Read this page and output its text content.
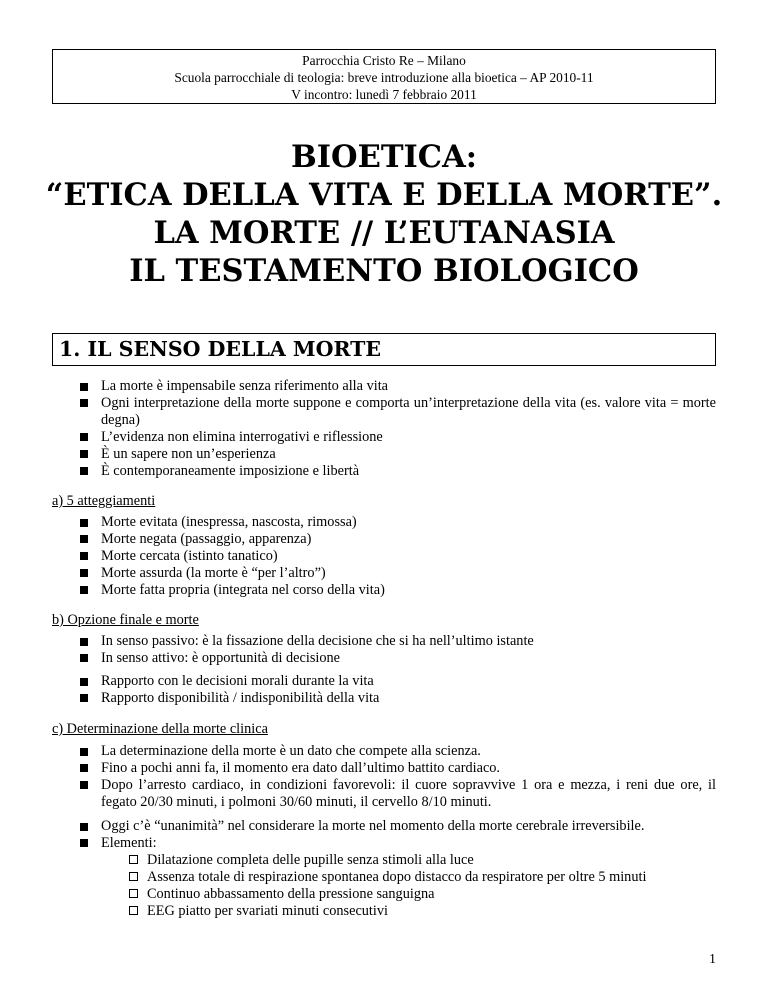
Parrocchia Cristo Re – Milano
Scuola parrocchiale di teologia: breve introduzione alla bioetica – AP 2010-11
V incontro: lunedì 7 febbraio 2011
BIOETICA:
“ETICA DELLA VITA E DELLA MORTE”.
LA MORTE // L’EUTANASIA
IL TESTAMENTO BIOLOGICO
1. IL SENSO DELLA MORTE
La morte è impensabile senza riferimento alla vita
Ogni interpretazione della morte suppone e comporta un’interpretazione della vita (es. valore vita = morte degna)
L’evidenza non elimina interrogativi e riflessione
È un sapere non un’esperienza
È contemporaneamente imposizione e libertà
a) 5 atteggiamenti
Morte evitata (inespressa, nascosta, rimossa)
Morte negata (passaggio, apparenza)
Morte cercata (istinto tanatico)
Morte assurda (la morte è “per l’altro”)
Morte fatta propria (integrata nel corso della vita)
b) Opzione finale e morte
In senso passivo: è la fissazione della decisione che si ha nell’ultimo istante
In senso attivo: è opportunità di decisione
Rapporto con le decisioni morali durante la vita
Rapporto disponibilità / indisponibilità della vita
c) Determinazione della morte clinica
La determinazione della morte è un dato che compete alla scienza.
Fino a pochi anni fa, il momento era dato dall’ultimo battito cardiaco.
Dopo l’arresto cardiaco, in condizioni favorevoli: il cuore sopravvive 1 ora e mezza, i reni due ore, il fegato 20/30 minuti, i polmoni 30/60 minuti, il cervello 8/10 minuti.
Oggi c’è “unanimità” nel considerare la morte nel momento della morte cerebrale irreversibile.
Elementi:
Dilatazione completa delle pupille senza stimoli alla luce
Assenza totale di respirazione spontanea dopo distacco da respiratore per oltre 5 minuti
Continuo abbassamento della pressione sanguigna
EEG piatto per svariati minuti consecutivi
1
